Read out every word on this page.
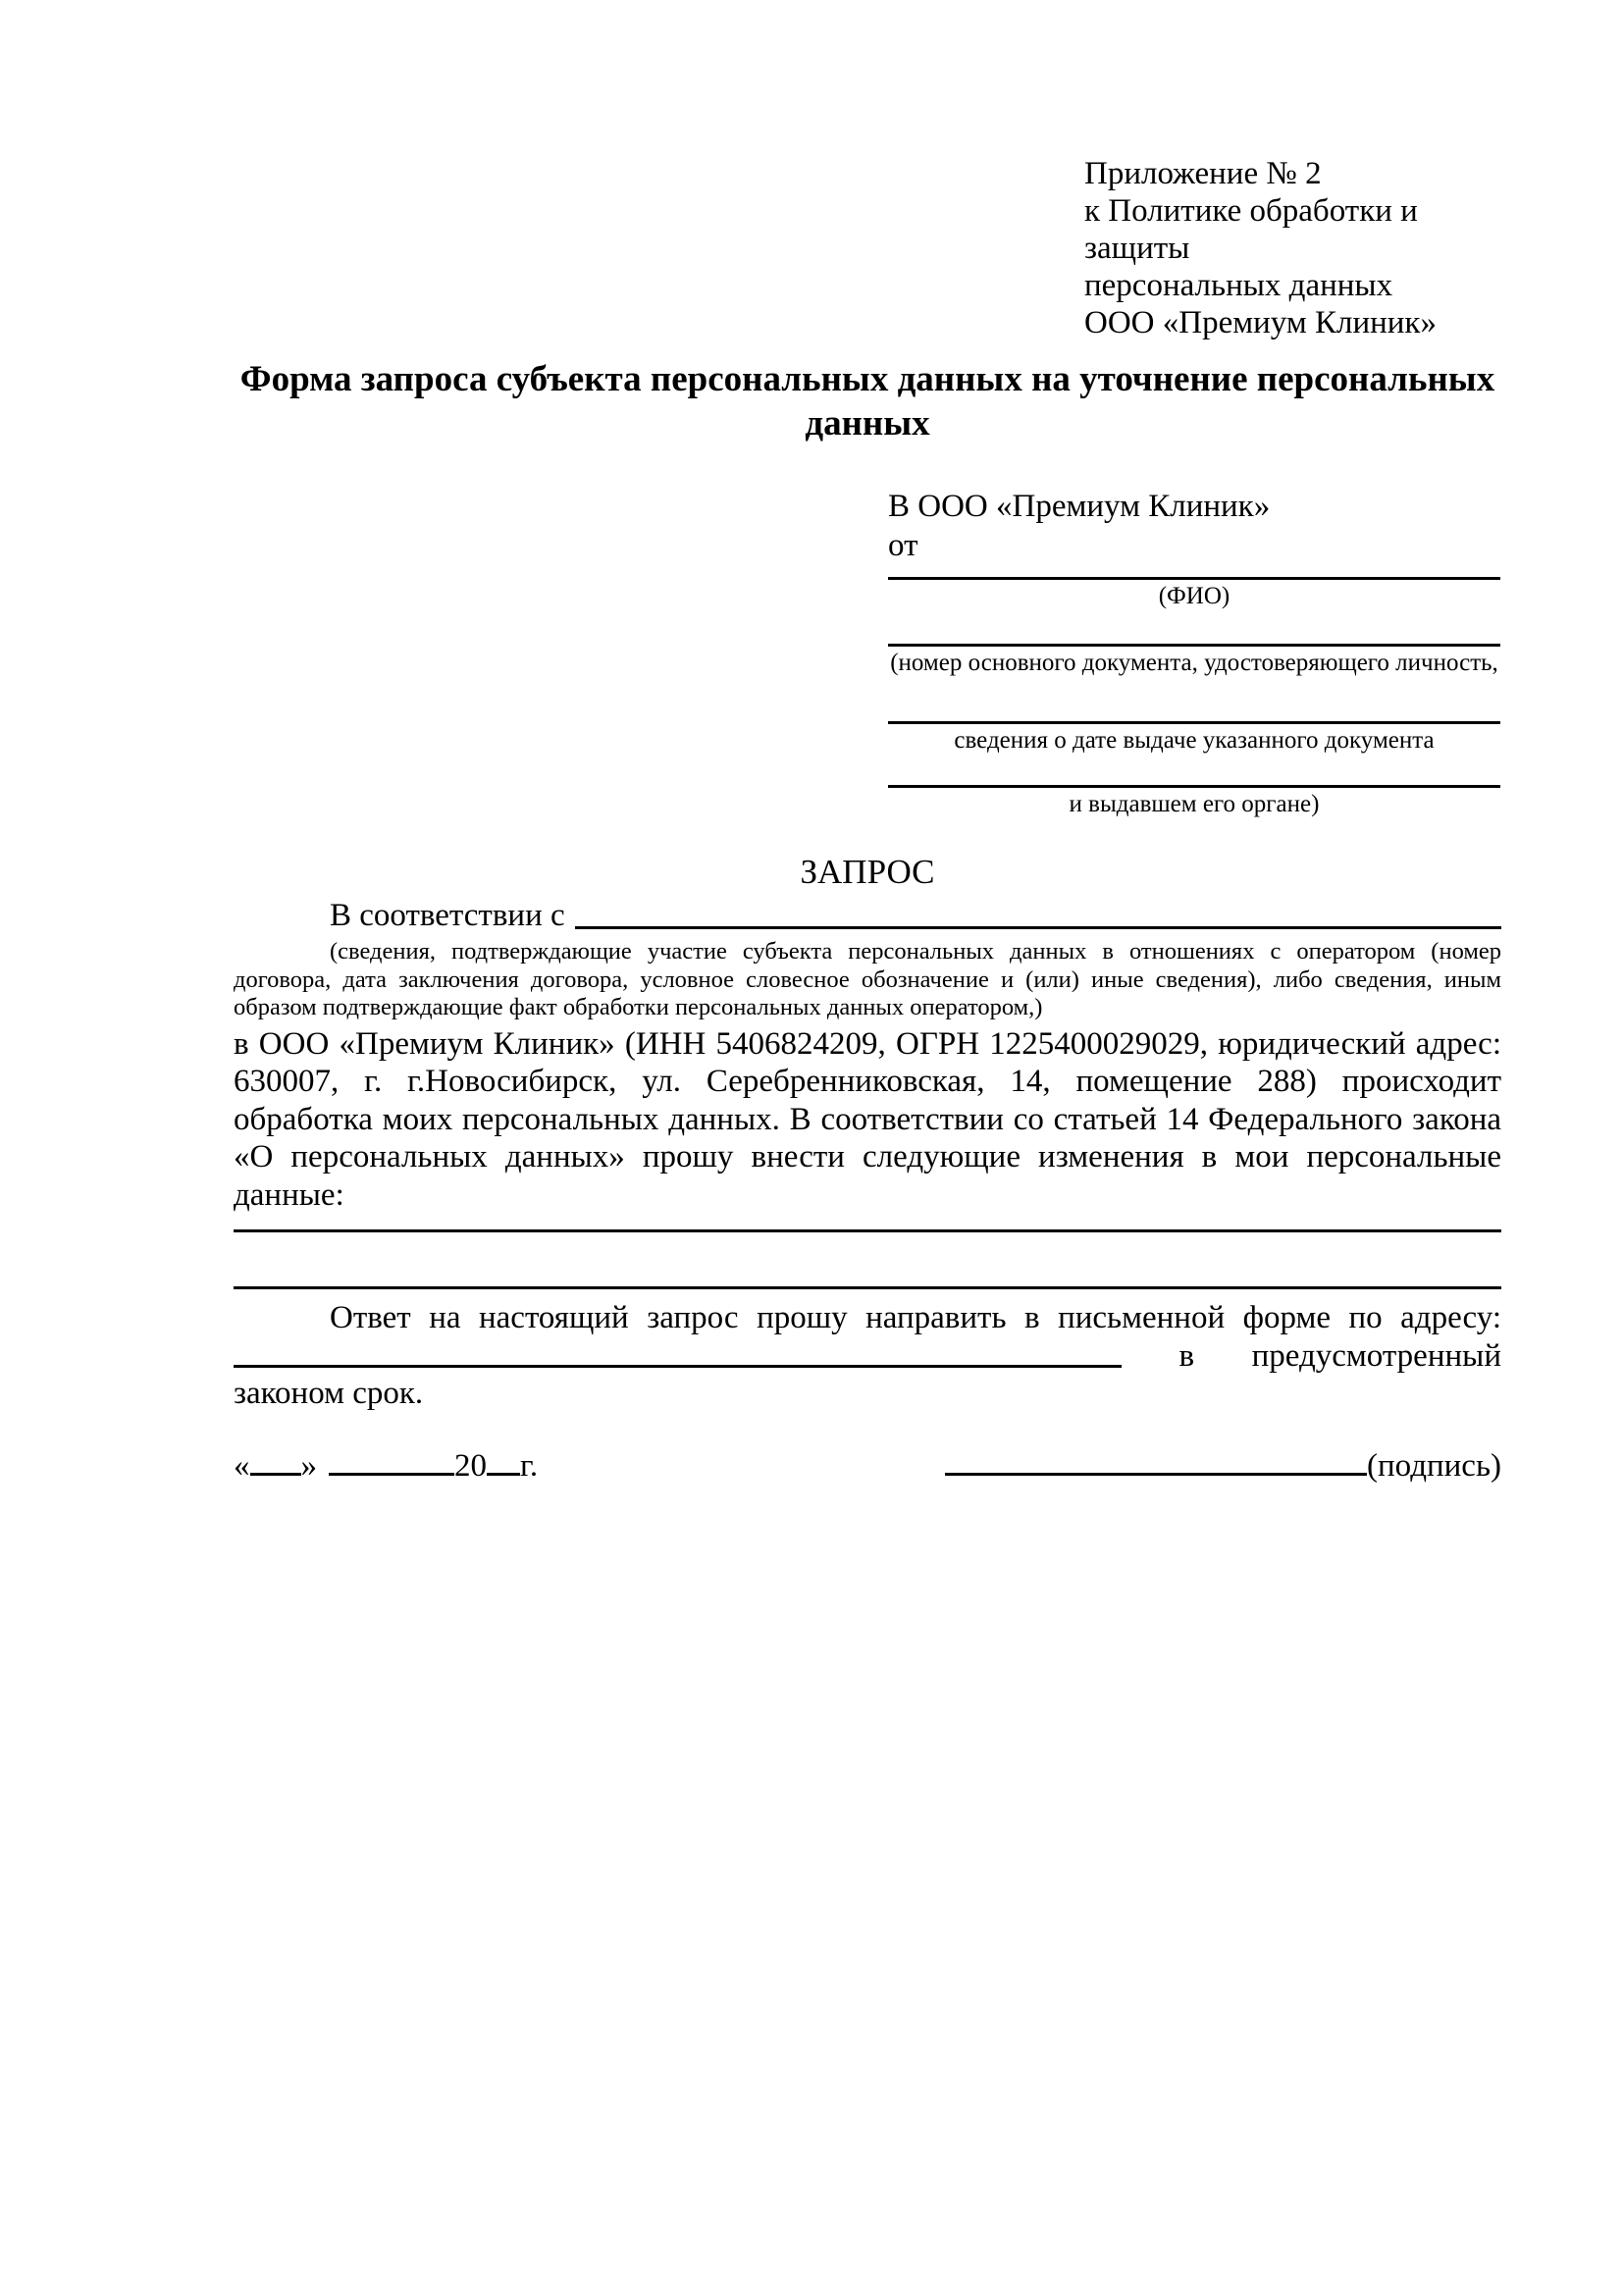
Приложение № 2
к Политике обработки и защиты
персональных данных
ООО «Премиум Клиник»
Форма запроса субъекта персональных данных на уточнение персональных данных
В ООО «Премиум Клиник»
от
(ФИО)
(номер основного документа, удостоверяющего личность,
сведения о дате выдаче указанного документа
и выдавшем его органе)
ЗАПРОС
В соответствии с

(сведения, подтверждающие участие субъекта персональных данных в отношениях с оператором (номер договора, дата заключения договора, условное словесное обозначение и (или) иные сведения), либо сведения, иным образом подтверждающие факт обработки персональных данных оператором,)

в ООО «Премиум Клиник» (ИНН 5406824209, ОГРН 1225400029029, юридический адрес: 630007, г. г.Новосибирск, ул. Серебренниковская, 14, помещение 288) происходит обработка моих персональных данных. В соответствии со статьей 14 Федерального закона «О персональных данных» прошу внести следующие изменения в мои персональные данные:

Ответ на настоящий запрос прошу направить в письменной форме по адресу:
в предусмотренный
законом срок.
« »	20 г.	(подпись)
